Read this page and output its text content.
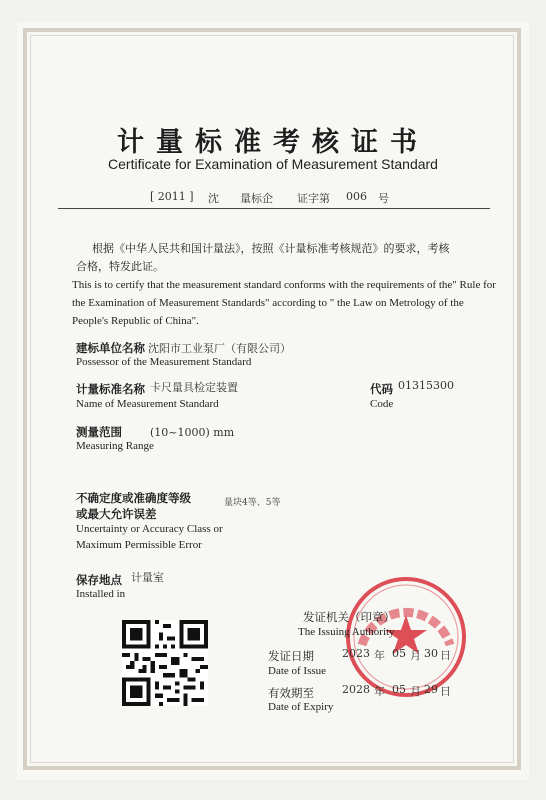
计量标准考核证书
Certificate for Examination of Measurement Standard
[ 2011 ] 沈 量标企 证字第 006 号
根据《中华人民共和国计量法》，按照《计量标准考核规范》的要求，考核
合格，特发此证。
This is to certify that the measurement standard conforms with the requirements of the" Rule for the Examination of Measurement Standards" according to " the Law on Metrology of the People's Republic of China".
建标单位名称 沈阳市工业泵厂（有限公司）
Possessor of the Measurement Standard
计量标准名称 卡尺量具检定装置
Name of Measurement Standard
代码 01315300
Code
测量范围	(10~1000) mm
Measuring Range
不确定度或准确度等级	量块4等、5等
或最大允许误差
Uncertainty or Accuracy Class or
Maximum Permissible Error
保存地点 计量室
Installed in
发证机关（印章）
The Issuing Authority
发证日期	2023 年 05 月 30 日
Date of Issue
有效期至	2028 年 05 月 29 日
Date of Expiry
